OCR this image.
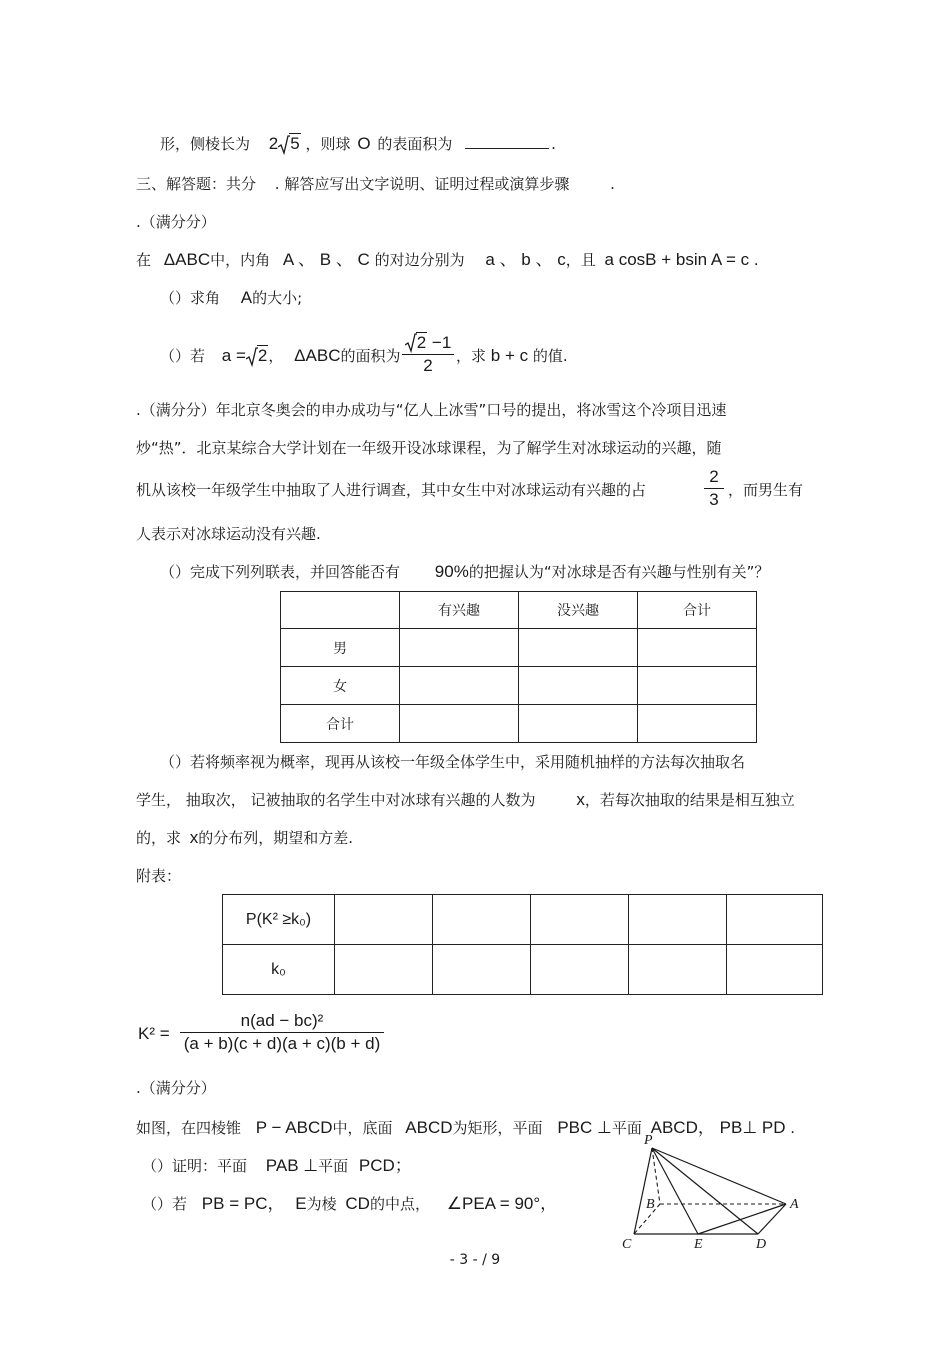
形，侧棱长为 2 5 ，则球 O 的表面积为	.
三、解答题：共分 . 解答应写出文字说明、证明过程或演算步骤	.
.（满分分）
在 ΔABC中，内角 A 、 B 、 C 的对边分别为 a 、 b 、 c，且 a cosB + bsin A = c .
（）求角 A的大小;
（）若 a = 2， ΔABC的面积为
2 −1
2	，求 b + c 的值.
.（满分分）年北京冬奥会的申办成功与“亿人上冰雪”口号的提出，将冰雪这个冷项目迅速
炒“热”．北京某综合大学计划在一年级开设冰球课程，为了解学生对冰球运动的兴趣，随
机从该校一年级学生中抽取了人进行调查，其中女生中对冰球运动有兴趣的占
2
3 ，而男生有
人表示对冰球运动没有兴趣.
（）完成下列列联表，并回答能否有 90%的把握认为“对冰球是否有兴趣与性别有关”？
	有兴趣	没兴趣	合计
男			
女			
合计			
（）若将频率视为概率，现再从该校一年级全体学生中，采用随机抽样的方法每次抽取名
学生， 抽取次， 记被抽取的名学生中对冰球有兴趣的人数为 x，若每次抽取的结果是相互独立
的，求 x的分布列，期望和方差.
附表：
P(K² ≥k₀)					
k₀					
K² =
n(ad − bc)²
(a + b)(c + d)(a + c)(b + d)
.（满分分）
如图，在四棱锥 P − ABCD中，底面 ABCD为矩形，平面 PBC ⊥平面 ABCD， PB⊥ PD .
（）证明：平面 PAB ⊥平面 PCD；
（）若 PB = PC， E为棱 CD的中点， ∠PEA = 90°，
P
B	A
C	E	D
- 3 - / 9
